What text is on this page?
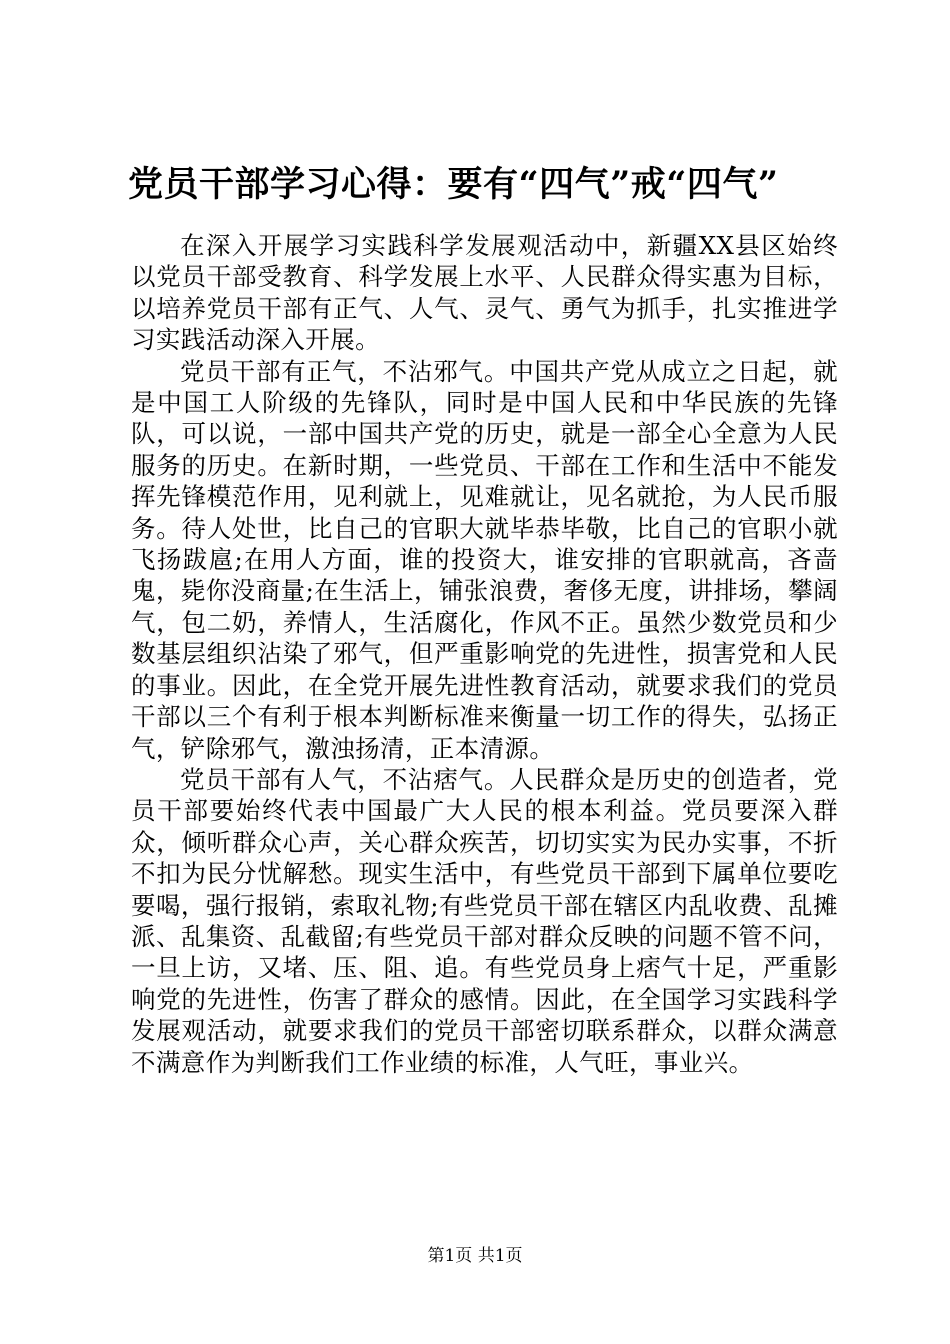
党员干部学习心得：要有“四气”戒“四气”

在深入开展学习实践科学发展观活动中，新疆XX县区始终以党员干部受教育、科学发展上水平、人民群众得实惠为目标，以培养党员干部有正气、人气、灵气、勇气为抓手，扎实推进学习实践活动深入开展。

党员干部有正气，不沾邪气。中国共产党从成立之日起，就是中国工人阶级的先锋队，同时是中国人民和中华民族的先锋队，可以说，一部中国共产党的历史，就是一部全心全意为人民服务的历史。在新时期，一些党员、干部在工作和生活中不能发挥先锋模范作用，见利就上，见难就让，见名就抢，为人民币服务。待人处世，比自己的官职大就毕恭毕敬，比自己的官职小就飞扬跋扈;在用人方面，谁的投资大，谁安排的官职就高，吝啬鬼，毙你没商量;在生活上，铺张浪费，奢侈无度，讲排场，攀阔气，包二奶，养情人，生活腐化，作风不正。虽然少数党员和少数基层组织沾染了邪气，但严重影响党的先进性，损害党和人民的事业。因此，在全党开展先进性教育活动，就要求我们的党员干部以三个有利于根本判断标准来衡量一切工作的得失，弘扬正气，铲除邪气，激浊扬清，正本清源。

党员干部有人气，不沾痞气。人民群众是历史的创造者，党员干部要始终代表中国最广大人民的根本利益。党员要深入群众，倾听群众心声，关心群众疾苦，切切实实为民办实事，不折不扣为民分忧解愁。现实生活中，有些党员干部到下属单位要吃要喝，强行报销，索取礼物;有些党员干部在辖区内乱收费、乱摊派、乱集资、乱截留;有些党员干部对群众反映的问题不管不问，一旦上访，又堵、压、阻、追。有些党员身上痞气十足，严重影响党的先进性，伤害了群众的感情。因此，在全国学习实践科学发展观活动，就要求我们的党员干部密切联系群众，以群众满意不满意作为判断我们工作业绩的标准，人气旺，事业兴。

第1页 共1页
